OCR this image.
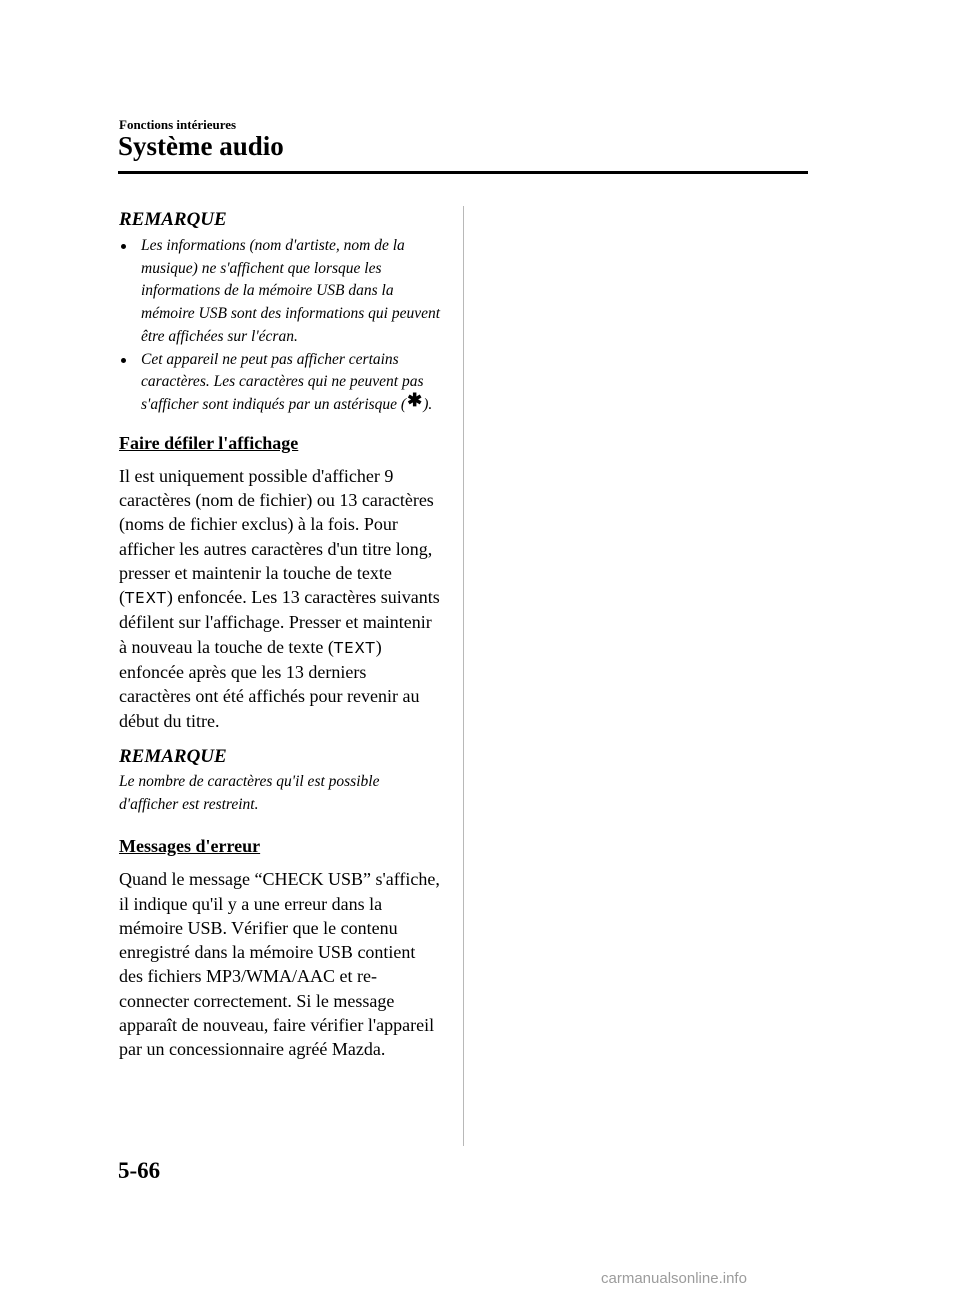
Fonctions intérieures
Système audio

REMARQUE

Les informations (nom d'artiste, nom de la musique) ne s'affichent que lorsque les informations de la mémoire USB dans la mémoire USB sont des informations qui peuvent être affichées sur l'écran.
Cet appareil ne peut pas afficher certains caractères. Les caractères qui ne peuvent pas s'afficher sont indiqués par un astérisque (✱).
Faire défiler l'affichage

Il est uniquement possible d'afficher 9 caractères (nom de fichier) ou 13 caractères (noms de fichier exclus) à la fois. Pour afficher les autres caractères d'un titre long, presser et maintenir la touche de texte (TEXT) enfoncée. Les 13 caractères suivants défilent sur l'affichage. Presser et maintenir à nouveau la touche de texte (TEXT) enfoncée après que les 13 derniers caractères ont été affichés pour revenir au début du titre.

REMARQUE

Le nombre de caractères qu'il est possible d'afficher est restreint.

Messages d'erreur

Quand le message “CHECK USB” s'affiche, il indique qu'il y a une erreur dans la mémoire USB. Vérifier que le contenu enregistré dans la mémoire USB contient des fichiers MP3/WMA/AAC et re-connecter correctement. Si le message apparaît de nouveau, faire vérifier l'appareil par un concessionnaire agréé Mazda.

5-66
carmanualsonline.info
